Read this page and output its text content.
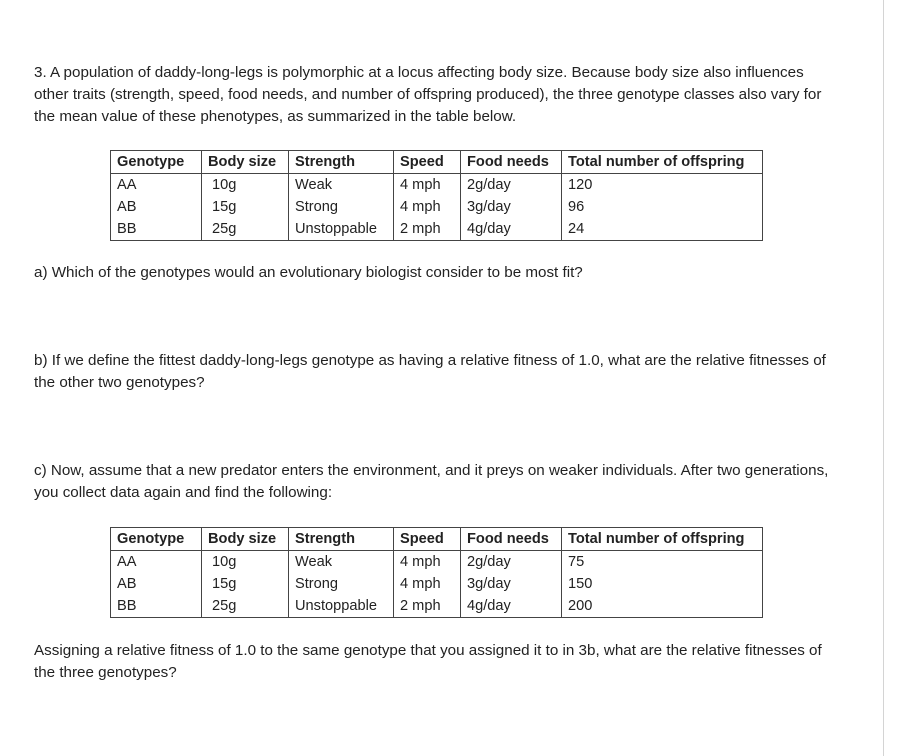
3. A population of daddy-long-legs is polymorphic at a locus affecting body size. Because body size also influences other traits (strength, speed, food needs, and number of offspring produced), the three genotype classes also vary for the mean value of these phenotypes, as summarized in the table below.

Genotype	Body size	Strength	Speed	Food needs	Total number of offspring
AA	10g	Weak	4 mph	2g/day	120
AB	15g	Strong	4 mph	3g/day	96
BB	25g	Unstoppable	2 mph	4g/day	24

a) Which of the genotypes would an evolutionary biologist consider to be most fit?

b) If we define the fittest daddy-long-legs genotype as having a relative fitness of 1.0, what are the relative fitnesses of the other two genotypes?

c) Now, assume that a new predator enters the environment, and it preys on weaker individuals. After two generations, you collect data again and find the following:

Genotype	Body size	Strength	Speed	Food needs	Total number of offspring
AA	10g	Weak	4 mph	2g/day	75
AB	15g	Strong	4 mph	3g/day	150
BB	25g	Unstoppable	2 mph	4g/day	200

Assigning a relative fitness of 1.0 to the same genotype that you assigned it to in 3b, what are the relative fitnesses of the three genotypes?
